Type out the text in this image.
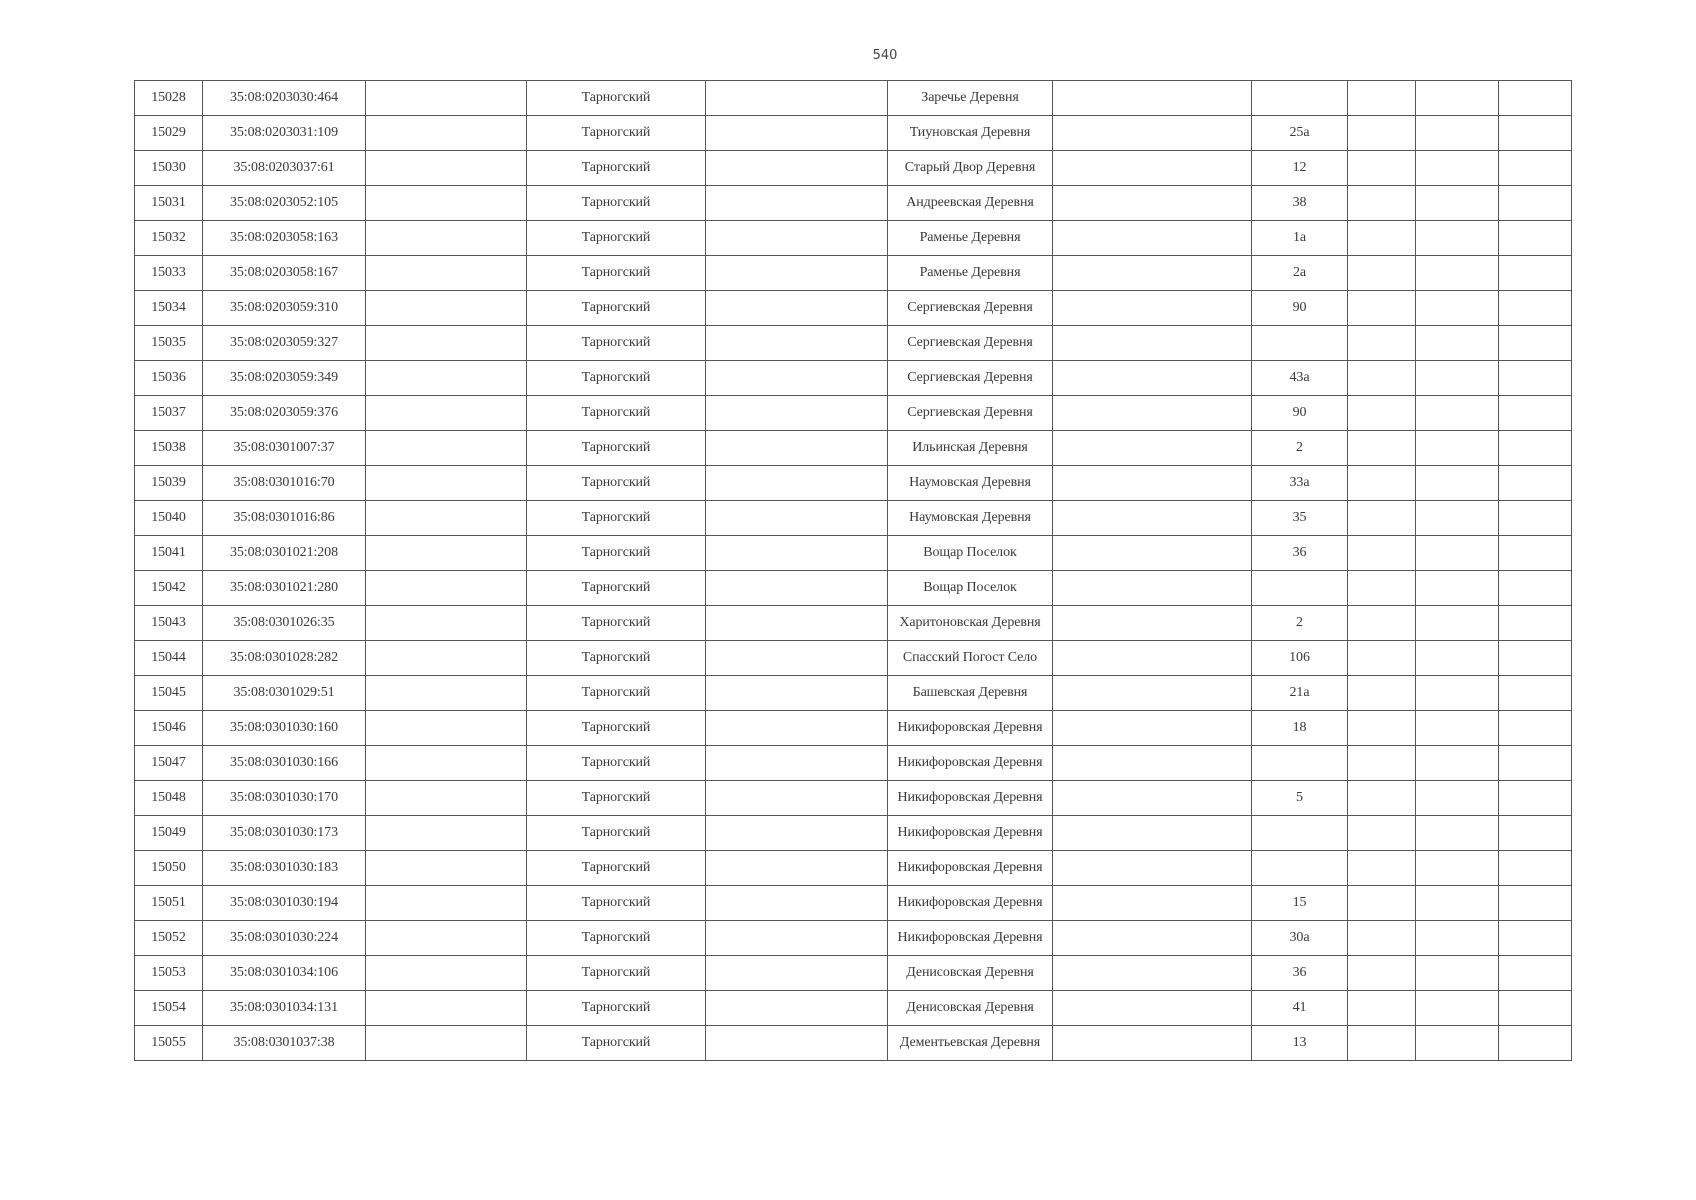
540
15028	35:08:0203030:464		Тарногский		Заречье Деревня					
15029	35:08:0203031:109		Тарногский		Тиуновская Деревня		25а			
15030	35:08:0203037:61		Тарногский		Старый Двор Деревня		12			
15031	35:08:0203052:105		Тарногский		Андреевская Деревня		38			
15032	35:08:0203058:163		Тарногский		Раменье Деревня		1а			
15033	35:08:0203058:167		Тарногский		Раменье Деревня		2а			
15034	35:08:0203059:310		Тарногский		Сергиевская Деревня		90			
15035	35:08:0203059:327		Тарногский		Сергиевская Деревня					
15036	35:08:0203059:349		Тарногский		Сергиевская Деревня		43а			
15037	35:08:0203059:376		Тарногский		Сергиевская Деревня		90			
15038	35:08:0301007:37		Тарногский		Ильинская Деревня		2			
15039	35:08:0301016:70		Тарногский		Наумовская Деревня		33а			
15040	35:08:0301016:86		Тарногский		Наумовская Деревня		35			
15041	35:08:0301021:208		Тарногский		Вощар Поселок		36			
15042	35:08:0301021:280		Тарногский		Вощар Поселок					
15043	35:08:0301026:35		Тарногский		Харитоновская Деревня		2			
15044	35:08:0301028:282		Тарногский		Спасский Погост Село		106			
15045	35:08:0301029:51		Тарногский		Башевская Деревня		21а			
15046	35:08:0301030:160		Тарногский		Никифоровская Деревня		18			
15047	35:08:0301030:166		Тарногский		Никифоровская Деревня					
15048	35:08:0301030:170		Тарногский		Никифоровская Деревня		5			
15049	35:08:0301030:173		Тарногский		Никифоровская Деревня					
15050	35:08:0301030:183		Тарногский		Никифоровская Деревня					
15051	35:08:0301030:194		Тарногский		Никифоровская Деревня		15			
15052	35:08:0301030:224		Тарногский		Никифоровская Деревня		30а			
15053	35:08:0301034:106		Тарногский		Денисовская Деревня		36			
15054	35:08:0301034:131		Тарногский		Денисовская Деревня		41			
15055	35:08:0301037:38		Тарногский		Дементьевская Деревня		13			
